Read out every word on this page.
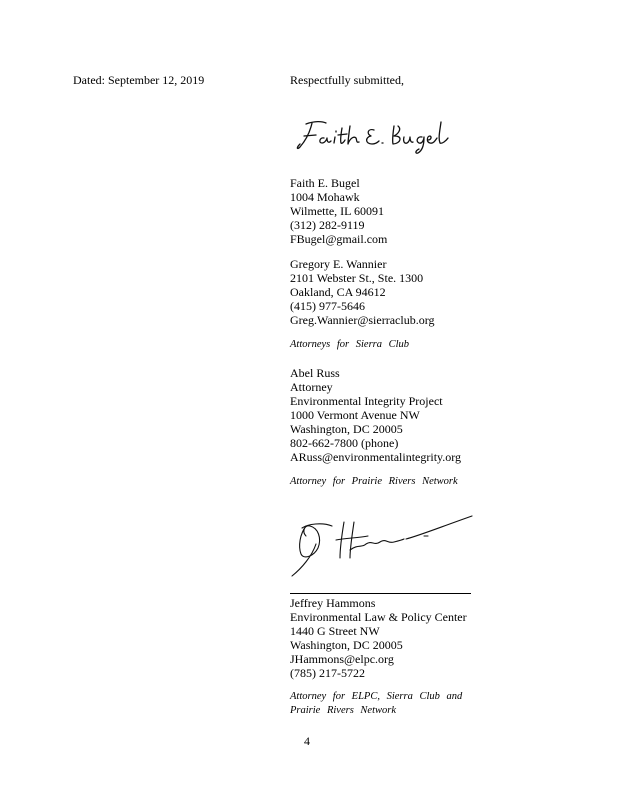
Dated: September 12, 2019	Respectfully submitted,
Faith E. Bugel
1004 Mohawk
Wilmette, IL 60091
(312) 282-9119
FBugel@gmail.com
Gregory E. Wannier
2101 Webster St., Ste. 1300
Oakland, CA 94612
(415) 977-5646
Greg.Wannier@sierraclub.org
Attorneys for Sierra Club
Abel Russ
Attorney
Environmental Integrity Project
1000 Vermont Avenue NW
Washington, DC 20005
802-662-7800 (phone)
ARuss@environmentalintegrity.org
Attorney for Prairie Rivers Network
Jeffrey Hammons
Environmental Law & Policy Center
1440 G Street NW
Washington, DC 20005
JHammons@elpc.org
(785) 217-5722
Attorney for ELPC, Sierra Club and
Prairie Rivers Network
4
